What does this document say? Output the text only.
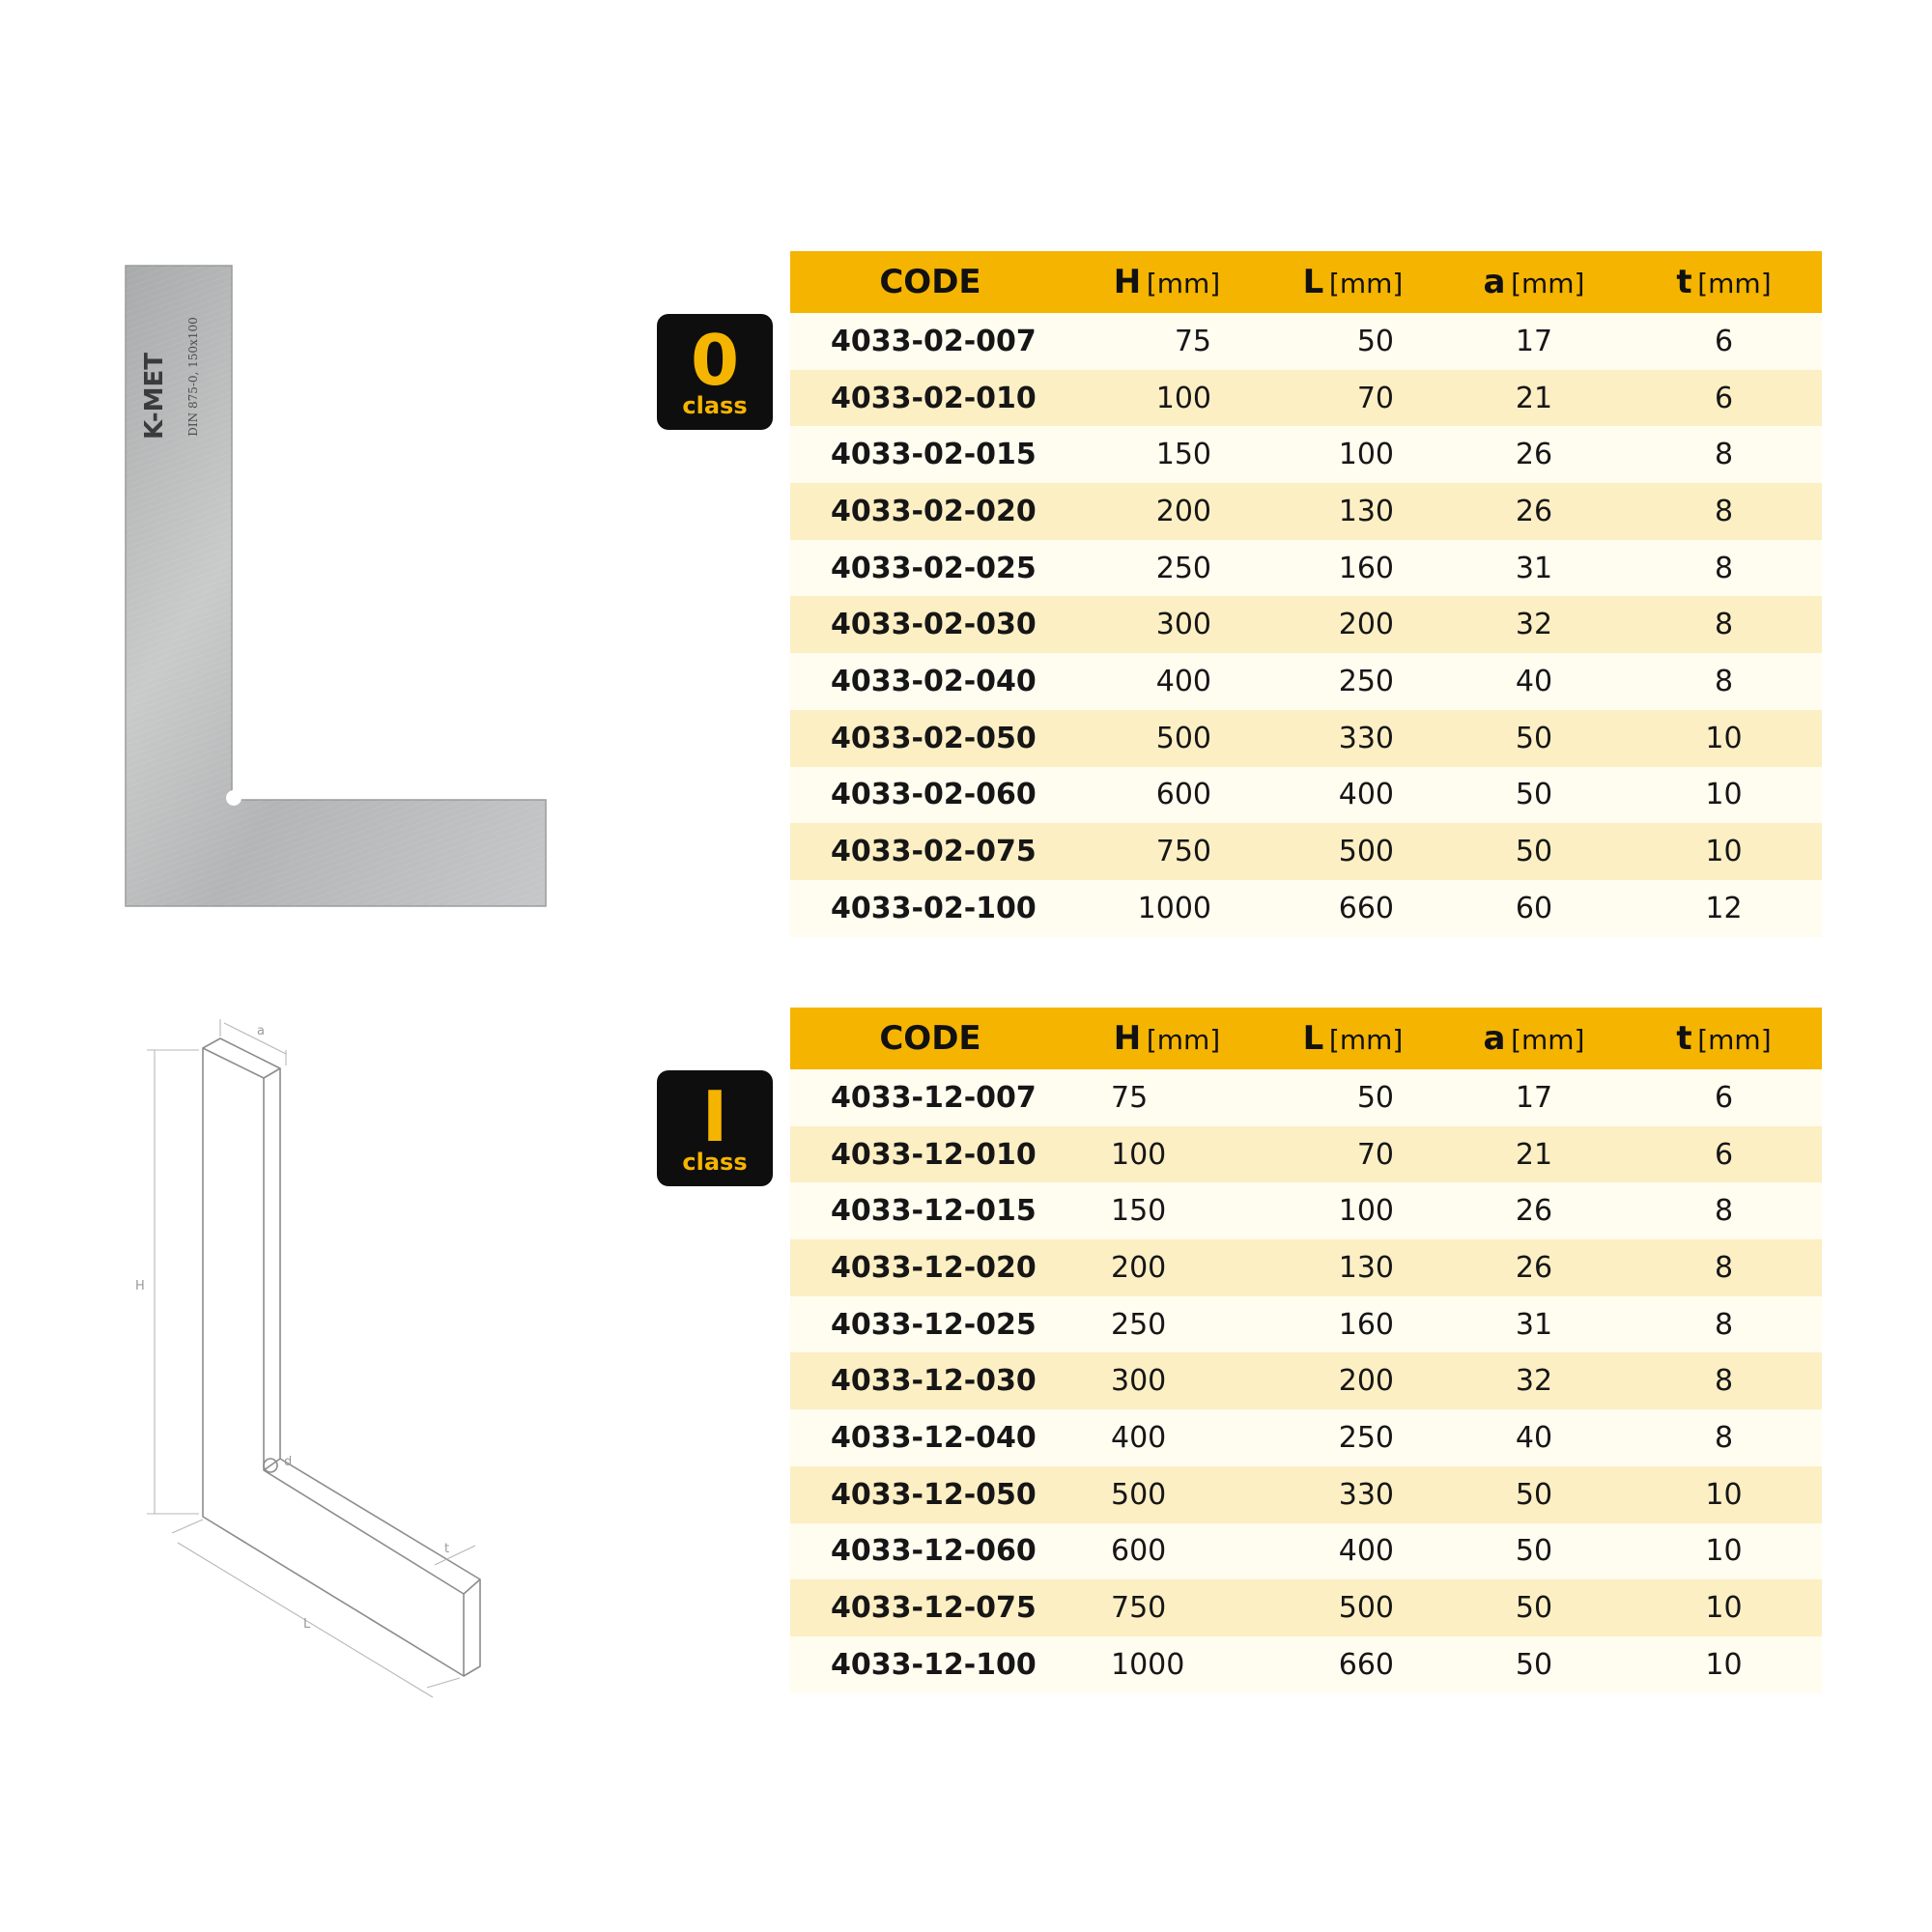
K-MET DIN 875-0, 150x100
a
H
L
d
t
0
class
CODE	H [mm]	L [mm]	a [mm]	t [mm]
4033-02-007	75	50	17	6
4033-02-010	100	70	21	6
4033-02-015	150	100	26	8
4033-02-020	200	130	26	8
4033-02-025	250	160	31	8
4033-02-030	300	200	32	8
4033-02-040	400	250	40	8
4033-02-050	500	330	50	10
4033-02-060	600	400	50	10
4033-02-075	750	500	50	10
4033-02-100	1000	660	60	12
I
class
CODE	H [mm]	L [mm]	a [mm]	t [mm]
4033-12-007	75	50	17	6
4033-12-010	100	70	21	6
4033-12-015	150	100	26	8
4033-12-020	200	130	26	8
4033-12-025	250	160	31	8
4033-12-030	300	200	32	8
4033-12-040	400	250	40	8
4033-12-050	500	330	50	10
4033-12-060	600	400	50	10
4033-12-075	750	500	50	10
4033-12-100	1000	660	50	10
